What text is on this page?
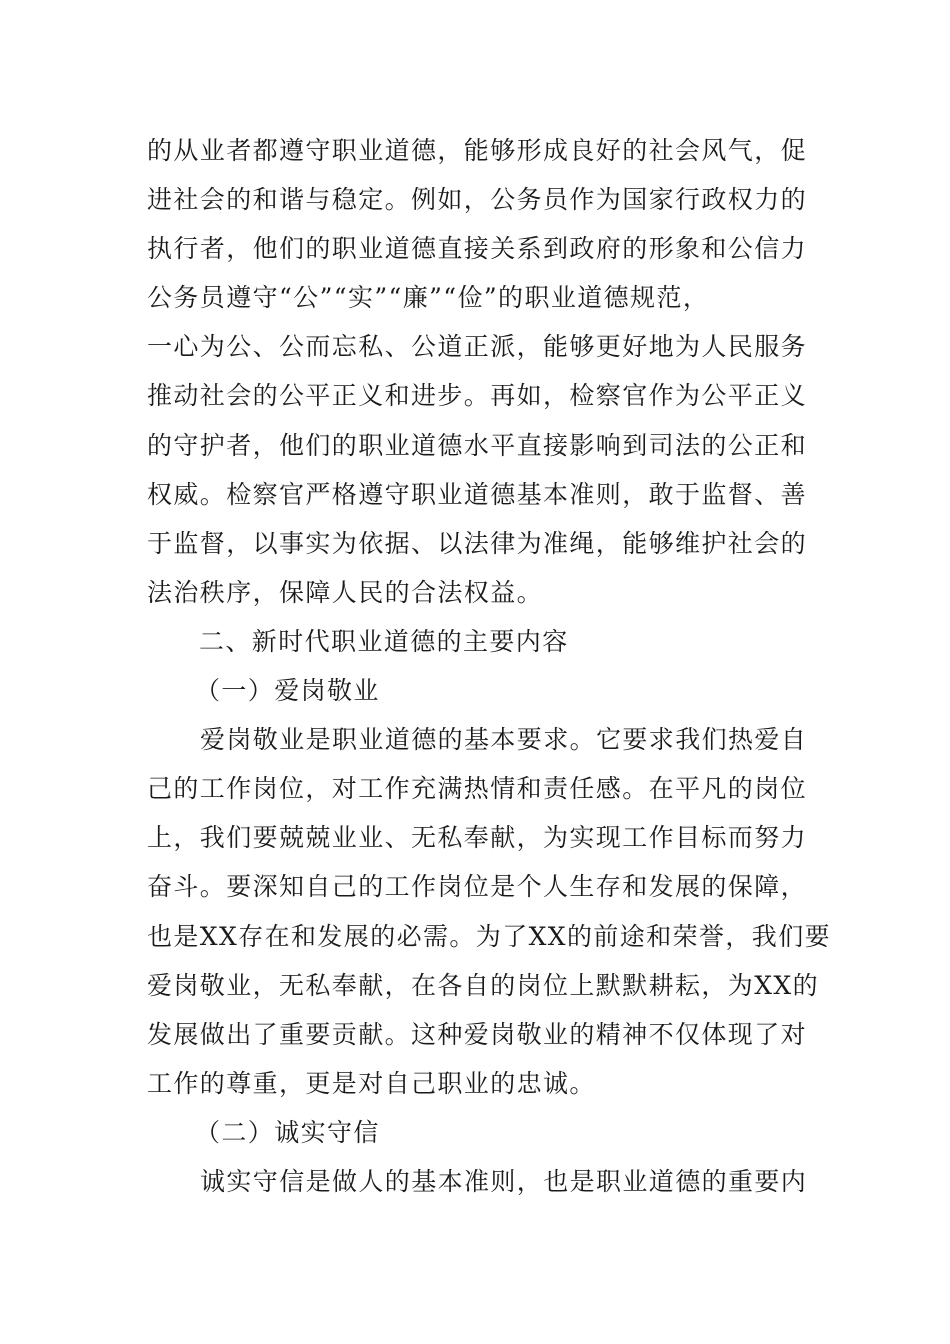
的从业者都遵守职业道德，能够形成良好的社会风气，促
进社会的和谐与稳定。例如，公务员作为国家行政权力的
执行者，他们的职业道德直接关系到政府的形象和公信力
公务员遵守“公”“实”“廉”“俭”的职业道德规范，
一心为公、公而忘私、公道正派，能够更好地为人民服务
推动社会的公平正义和进步。再如，检察官作为公平正义
的守护者，他们的职业道德水平直接影响到司法的公正和
权威。检察官严格遵守职业道德基本准则，敢于监督、善
于监督，以事实为依据、以法律为准绳，能够维护社会的
法治秩序，保障人民的合法权益。
二、新时代职业道德的主要内容
（一）爱岗敬业
爱岗敬业是职业道德的基本要求。它要求我们热爱自
己的工作岗位，对工作充满热情和责任感。在平凡的岗位
上，我们要兢兢业业、无私奉献，为实现工作目标而努力
奋斗。要深知自己的工作岗位是个人生存和发展的保障，
也是XX存在和发展的必需。为了XX的前途和荣誉，我们要
爱岗敬业，无私奉献，在各自的岗位上默默耕耘，为XX的
发展做出了重要贡献。这种爱岗敬业的精神不仅体现了对
工作的尊重，更是对自己职业的忠诚。
（二）诚实守信
诚实守信是做人的基本准则，也是职业道德的重要内
